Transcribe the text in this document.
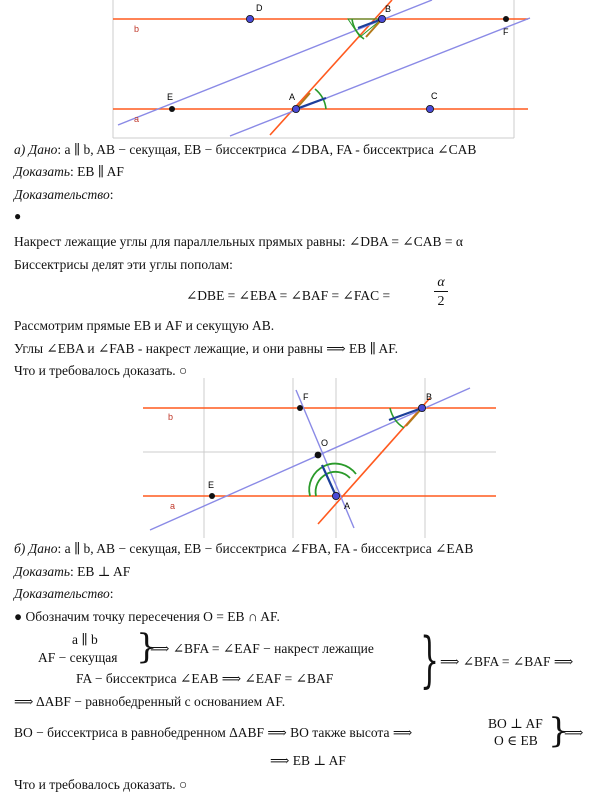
D	B
b	F
E	A	C
a
а) Дано: a ∥ b, AB − секущая, EB − биссектриса ∠DBA, FA - биссектриса ∠CAB
Доказать: EB ∥ AF
Доказательство:
●
Накрест лежащие углы для параллельных прямых равны: ∠DBA = ∠CAB = α
Биссектрисы делят эти углы пополам:
∠DBE = ∠EBA = ∠BAF = ∠FAC =
α
2
Рассмотрим прямые EB и AF и секущую AB.
Углы ∠EBA и ∠FAB - накрест лежащие, и они равны ⟹ EB ∥ AF.
Что и требовалось доказать. ○
F	B
b
O
E
a	A
б) Дано: a ∥ b, AB − секущая, EB − биссектриса ∠FBA, FA - биссектриса ∠EAB
Доказать: EB ⊥ AF
Доказательство:
● Обозначим точку пересечения O = EB ∩ AF.
a ∥ b
AF − секущая }
⟹ ∠BFA = ∠EAF − накрест лежащие
FA − биссектриса ∠EAB ⟹ ∠EAF = ∠BAF } ⟹ ∠BFA = ∠BAF ⟹
⟹ ΔABF − равнобедренный с основанием AF.
BO − биссектриса в равнобедренном ΔABF ⟹ BO также высота ⟹
BO ⊥ AF
O ∈ EB }
⟹
⟹ EB ⊥ AF
Что и требовалось доказать. ○
